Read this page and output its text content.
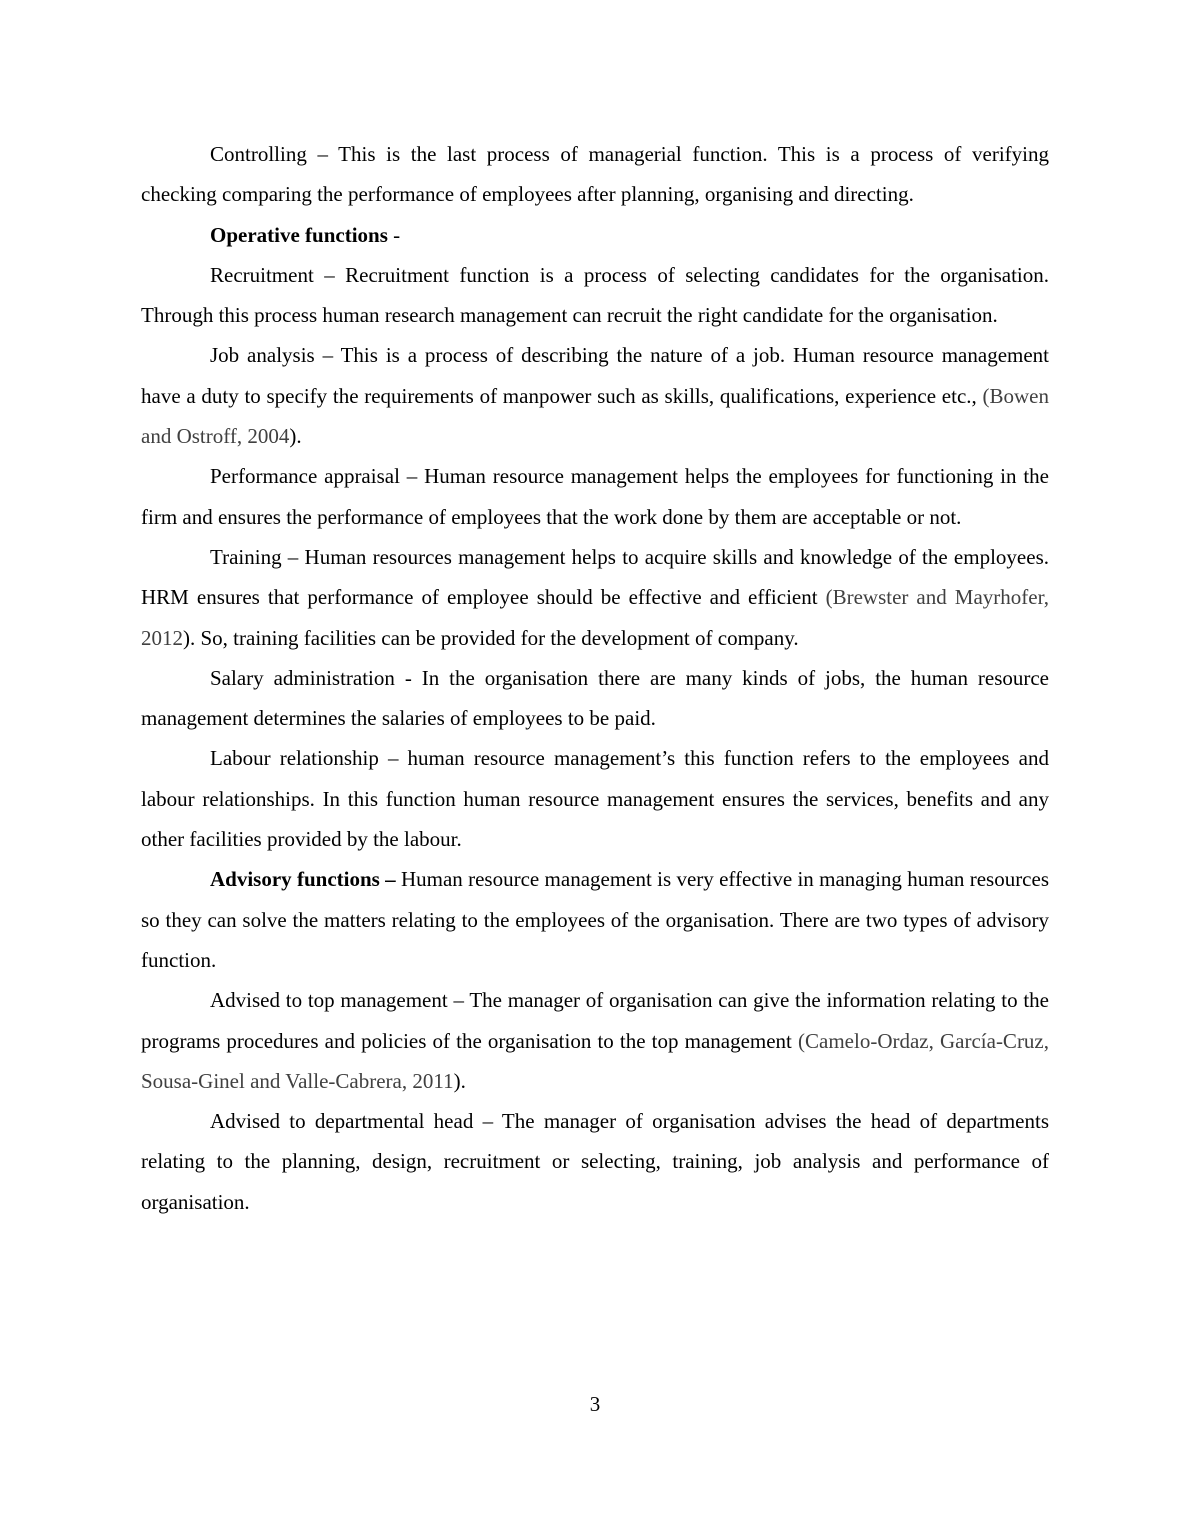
Controlling – This is the last process of managerial function. This is a process of verifying checking comparing the performance of employees after planning, organising and directing.

Operative functions -

Recruitment – Recruitment function is a process of selecting candidates for the organisation. Through this process human research management can recruit the right candidate for the organisation.

Job analysis – This is a process of describing the nature of a job. Human resource management have a duty to specify the requirements of manpower such as skills, qualifications, experience etc., (Bowen and Ostroff, 2004).

Performance appraisal – Human resource management helps the employees for functioning in the firm and ensures the performance of employees that the work done by them are acceptable or not.

Training – Human resources management helps to acquire skills and knowledge of the employees. HRM ensures that performance of employee should be effective and efficient (Brewster and Mayrhofer, 2012). So, training facilities can be provided for the development of company.

Salary administration - In the organisation there are many kinds of jobs, the human resource management determines the salaries of employees to be paid.

Labour relationship – human resource management’s this function refers to the employees and labour relationships. In this function human resource management ensures the services, benefits and any other facilities provided by the labour.

Advisory functions – Human resource management is very effective in managing human resources so they can solve the matters relating to the employees of the organisation. There are two types of advisory function.

Advised to top management – The manager of organisation can give the information relating to the programs procedures and policies of the organisation to the top management (Camelo-Ordaz, García-Cruz, Sousa-Ginel and Valle-Cabrera, 2011).

Advised to departmental head – The manager of organisation advises the head of departments relating to the planning, design, recruitment or selecting, training, job analysis and performance of organisation.

3
